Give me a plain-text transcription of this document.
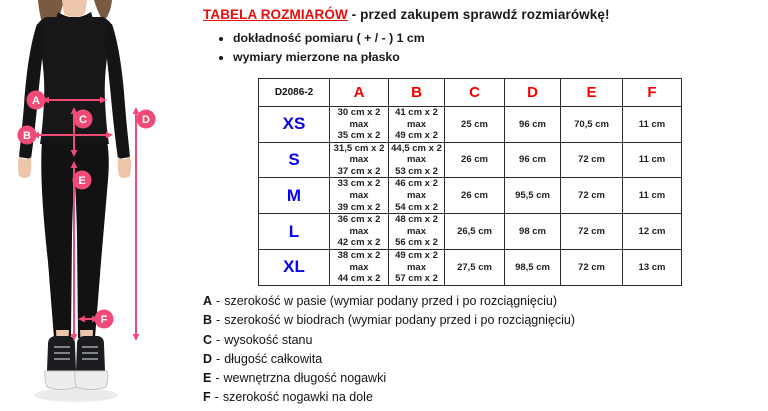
A
B
C	D
E
F
TABELA ROZMIARÓW - przed zakupem sprawdź rozmiarówkę!
• dokładność pomiaru ( + / - ) 1 cm
• wymiary mierzone na płasko
D2086-2	A	B	C	D	E	F
XS	30 cm x 2
max
35 cm x 2	41 cm x 2
max
49 cm x 2	25 cm	96 cm	70,5 cm	11 cm
S	31,5 cm x 2
max
37 cm x 2	44,5 cm x 2
max
53 cm x 2	26 cm	96 cm	72 cm	11 cm
M	33 cm x 2
max
39 cm x 2	46 cm x 2
max
54 cm x 2	26 cm	95,5 cm	72 cm	11 cm
L	36 cm x 2
max
42 cm x 2	48 cm x 2
max
56 cm x 2	26,5 cm	98 cm	72 cm	12 cm
XL	38 cm x 2
max
44 cm x 2	49 cm x 2
max
57 cm x 2	27,5 cm	98,5 cm	72 cm	13 cm
A - szerokość w pasie (wymiar podany przed i po rozciągnięciu)
B - szerokość w biodrach (wymiar podany przed i po rozciągnięciu)
C - wysokość stanu
D - długość całkowita
E - wewnętrzna długość nogawki
F - szerokość nogawki na dole
